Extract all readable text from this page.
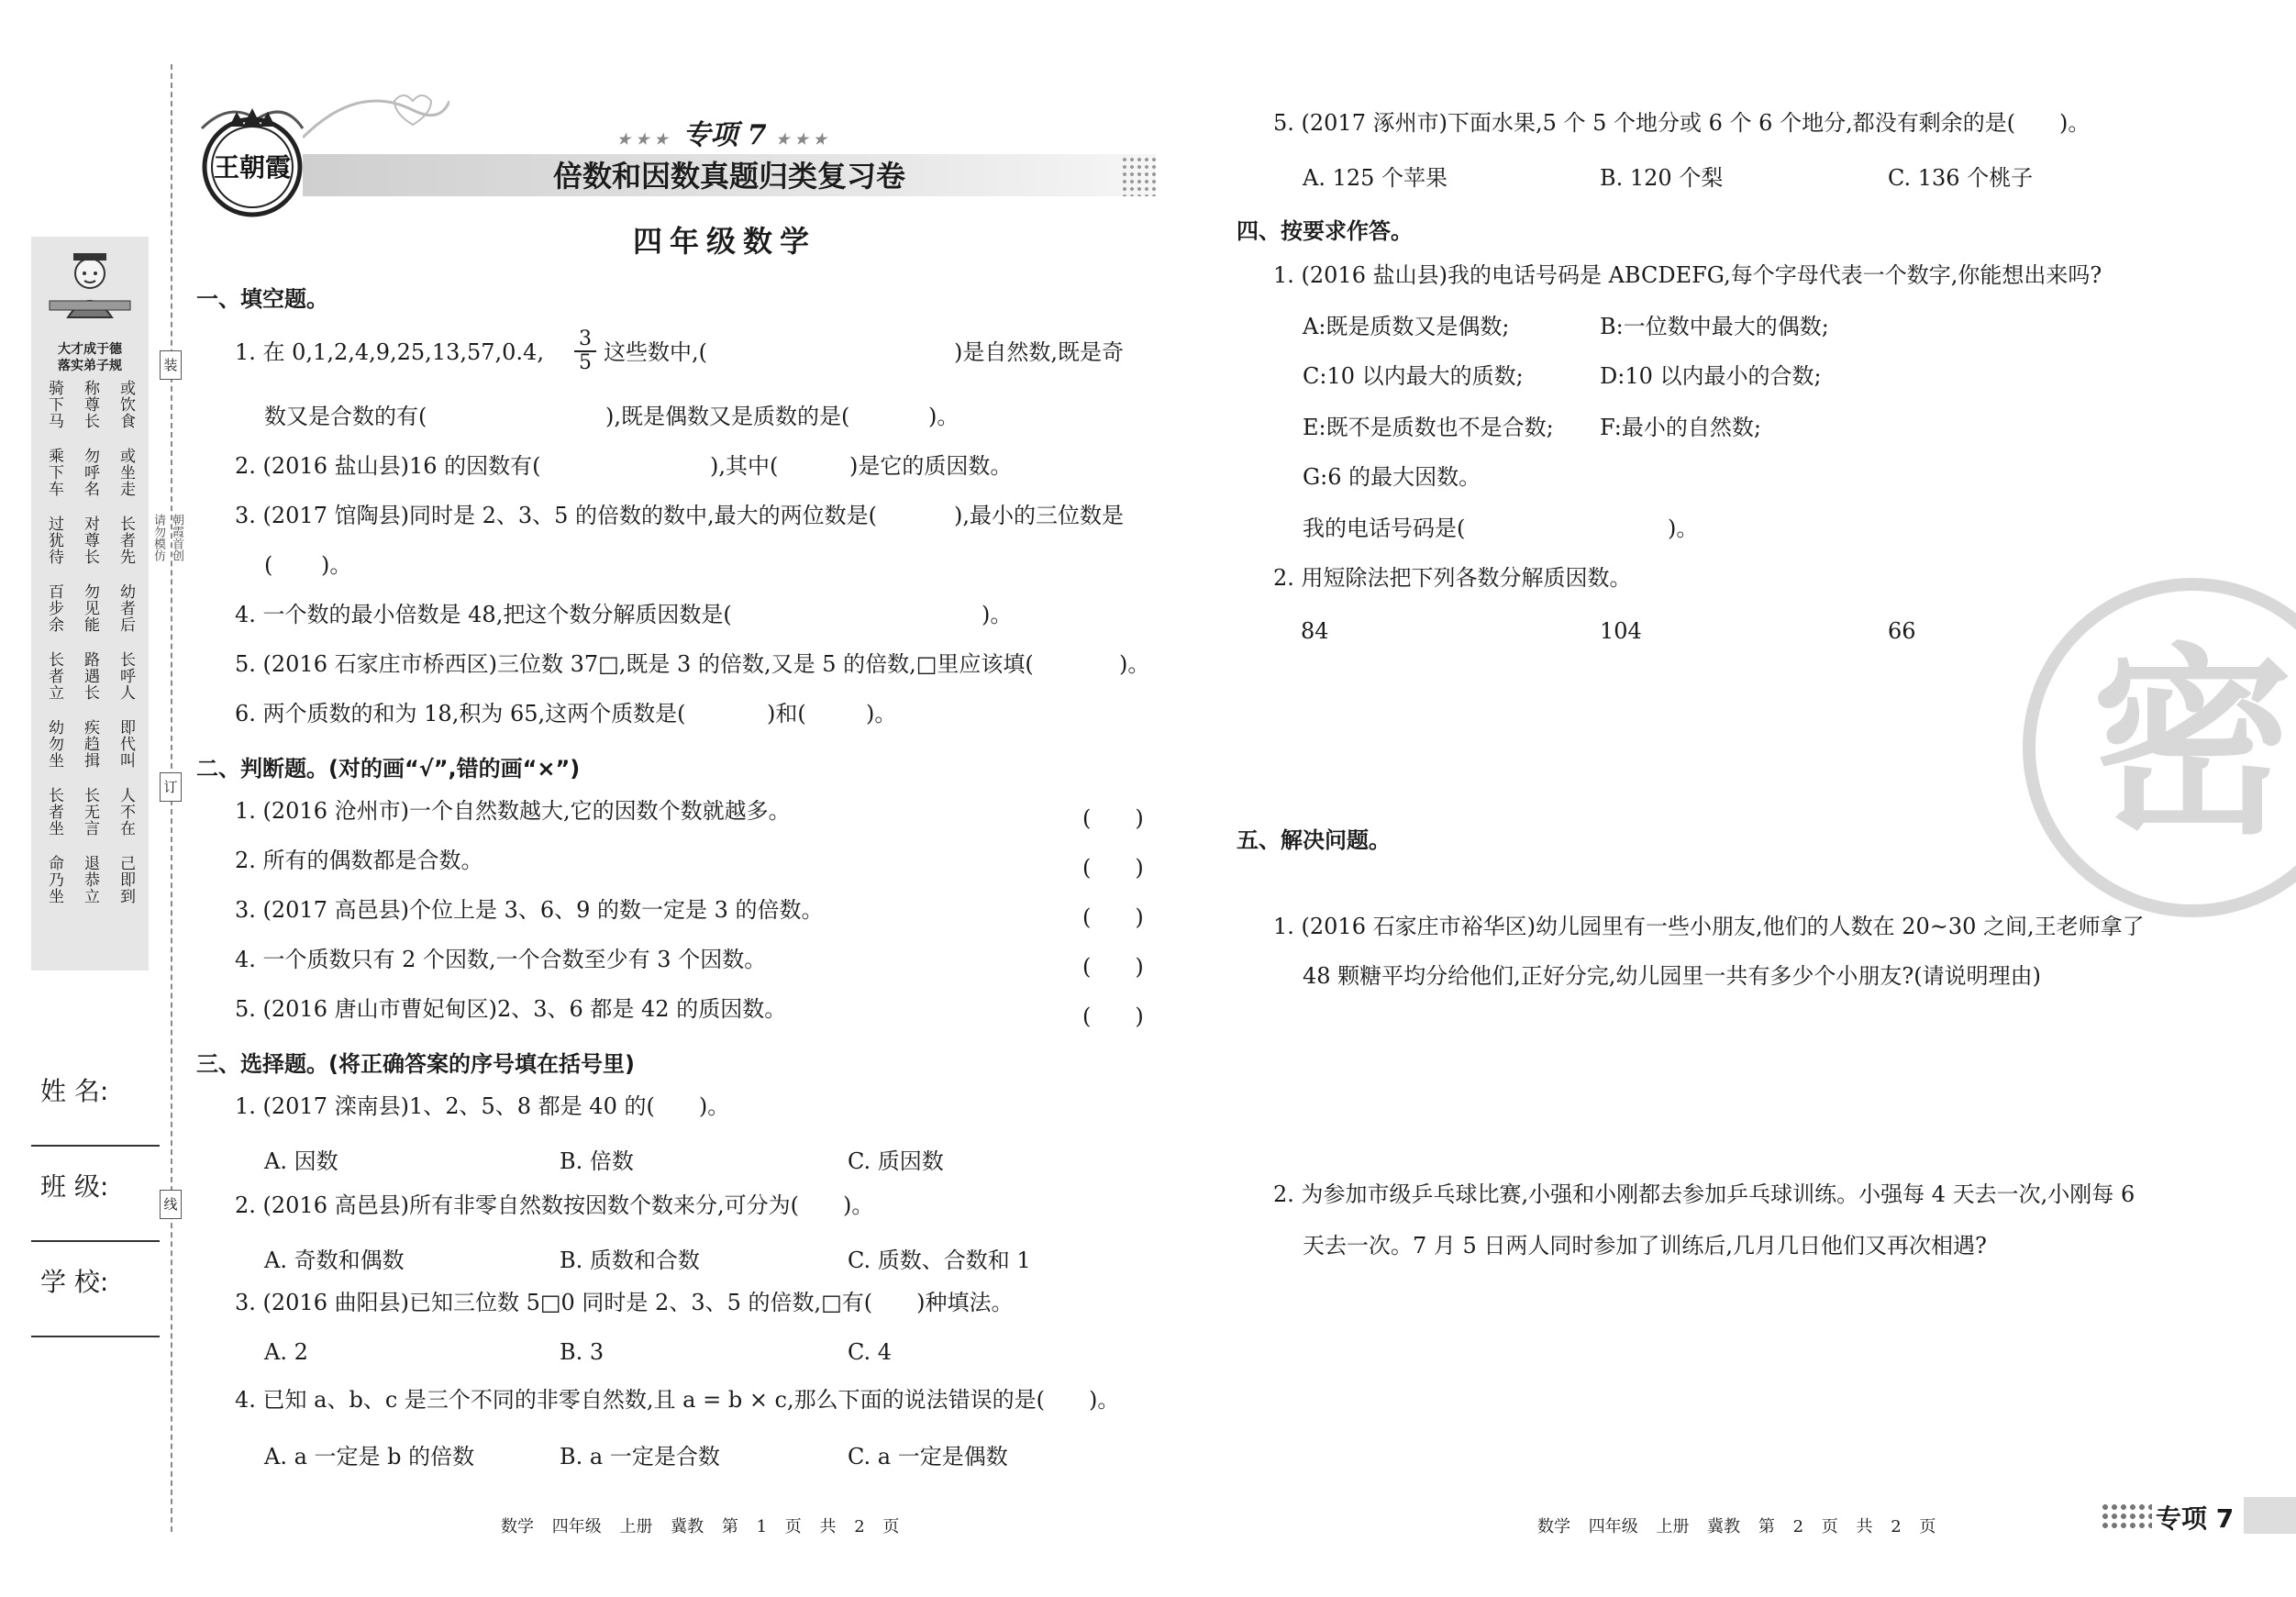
大才成于德
落实弟子规
或饮食
或坐走
长者先
幼者后
长呼人
即代叫
人不在
己即到
称尊长
勿呼名
对尊长
勿见能
路遇长
疾趋揖
长无言
退恭立
骑下马
乘下车
过犹待
百步余
长者立
幼勿坐
长者坐
命乃坐
装
订
线
朝霞首创
请勿模仿
姓 名:
班 级:
学 校:
王朝霞
★★★ 专项 7 ★★★
倍数和因数真题归类复习卷
四年级数学
一、填空题。
1. 在 0,1,2,4,9,25,13,57,0.4,
3
5 这些数中,(	)是自然数,既是奇
数又是合数的有(	),既是偶数又是质数的是(	)。
2. (2016 盐山县)16 的因数有(	),其中(	)是它的质因数。
3. (2017 馆陶县)同时是 2、3、5 的倍数的数中,最大的两位数是(	),最小的三位数是
( )。
4. 一个数的最小倍数是 48,把这个数分解质因数是(	)。
5. (2016 石家庄市桥西区)三位数 37□,既是 3 的倍数,又是 5 的倍数,□里应该填(	)。
6. 两个质数的和为 18,积为 65,这两个质数是(	)和(	)。
二、判断题。(对的画“√”,错的画“×”)
1. (2016 沧州市)一个自然数越大,它的因数个数就越多。
2. 所有的偶数都是合数。
3. (2017 高邑县)个位上是 3、6、9 的数一定是 3 的倍数。
4. 一个质数只有 2 个因数,一个合数至少有 3 个因数。
5. (2016 唐山市曹妃甸区)2、3、6 都是 42 的质因数。
(　　)
(　　)
(　　)
(　　)
(　　)
三、选择题。(将正确答案的序号填在括号里)
1. (2017 滦南县)1、2、5、8 都是 40 的(　　)。
A. 因数	B. 倍数	C. 质因数
2. (2016 高邑县)所有非零自然数按因数个数来分,可分为(　　)。
A. 奇数和偶数	B. 质数和合数	C. 质数、合数和 1
3. (2016 曲阳县)已知三位数 5□0 同时是 2、3、5 的倍数,□有(　　)种填法。
A. 2	B. 3	C. 4
4. 已知 a、b、c 是三个不同的非零自然数,且 a = b × c,那么下面的说法错误的是(　　)。
A. a 一定是 b 的倍数	B. a 一定是合数	C. a 一定是偶数
数学 四年级 上册 冀教 第 1 页 共 2 页
5. (2017 涿州市)下面水果,5 个 5 个地分或 6 个 6 个地分,都没有剩余的是(　　)。
A. 125 个苹果	B. 120 个梨	C. 136 个桃子
四、按要求作答。
1. (2016 盐山县)我的电话号码是 ABCDEFG,每个字母代表一个数字,你能想出来吗?
A:既是质数又是偶数;	B:一位数中最大的偶数;
C:10 以内最大的质数;	D:10 以内最小的合数;
E:既不是质数也不是合数; F:最小的自然数;
G:6 的最大因数。
我的电话号码是(	)。
2. 用短除法把下列各数分解质因数。
84	104	66
五、解决问题。
1. (2016 石家庄市裕华区)幼儿园里有一些小朋友,他们的人数在 20~30 之间,王老师拿了
48 颗糖平均分给他们,正好分完,幼儿园里一共有多少个小朋友?(请说明理由)
2. 为参加市级乒乓球比赛,小强和小刚都去参加乒乓球训练。小强每 4 天去一次,小刚每 6
天去一次。7 月 5 日两人同时参加了训练后,几月几日他们又再次相遇?
数学 四年级 上册 冀教 第 2 页 共 2 页
密
专项 7
